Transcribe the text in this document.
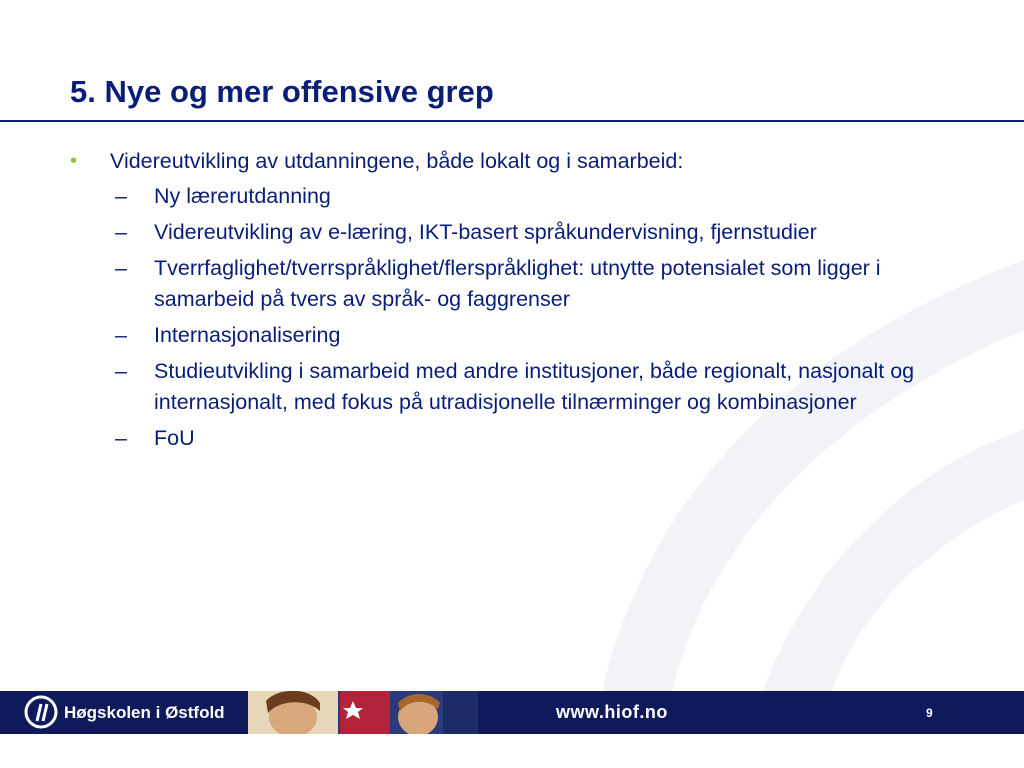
5. Nye og mer offensive grep
•	Videreutvikling av utdanningene, både lokalt og i samarbeid:
–	Ny lærerutdanning
–	Videreutvikling av e-læring, IKT-basert språkundervisning, fjernstudier
–	Tverrfaglighet/tverrspråklighet/flerspråklighet: utnytte potensialet som ligger i samarbeid på tvers av språk- og faggrenser
–	Internasjonalisering
–	Studieutvikling i samarbeid med andre institusjoner, både regionalt, nasjonalt og internasjonalt, med fokus på utradisjonelle tilnærminger og kombinasjoner
–	FoU
Høgskolen i Østfold	www.hiof.no	9
